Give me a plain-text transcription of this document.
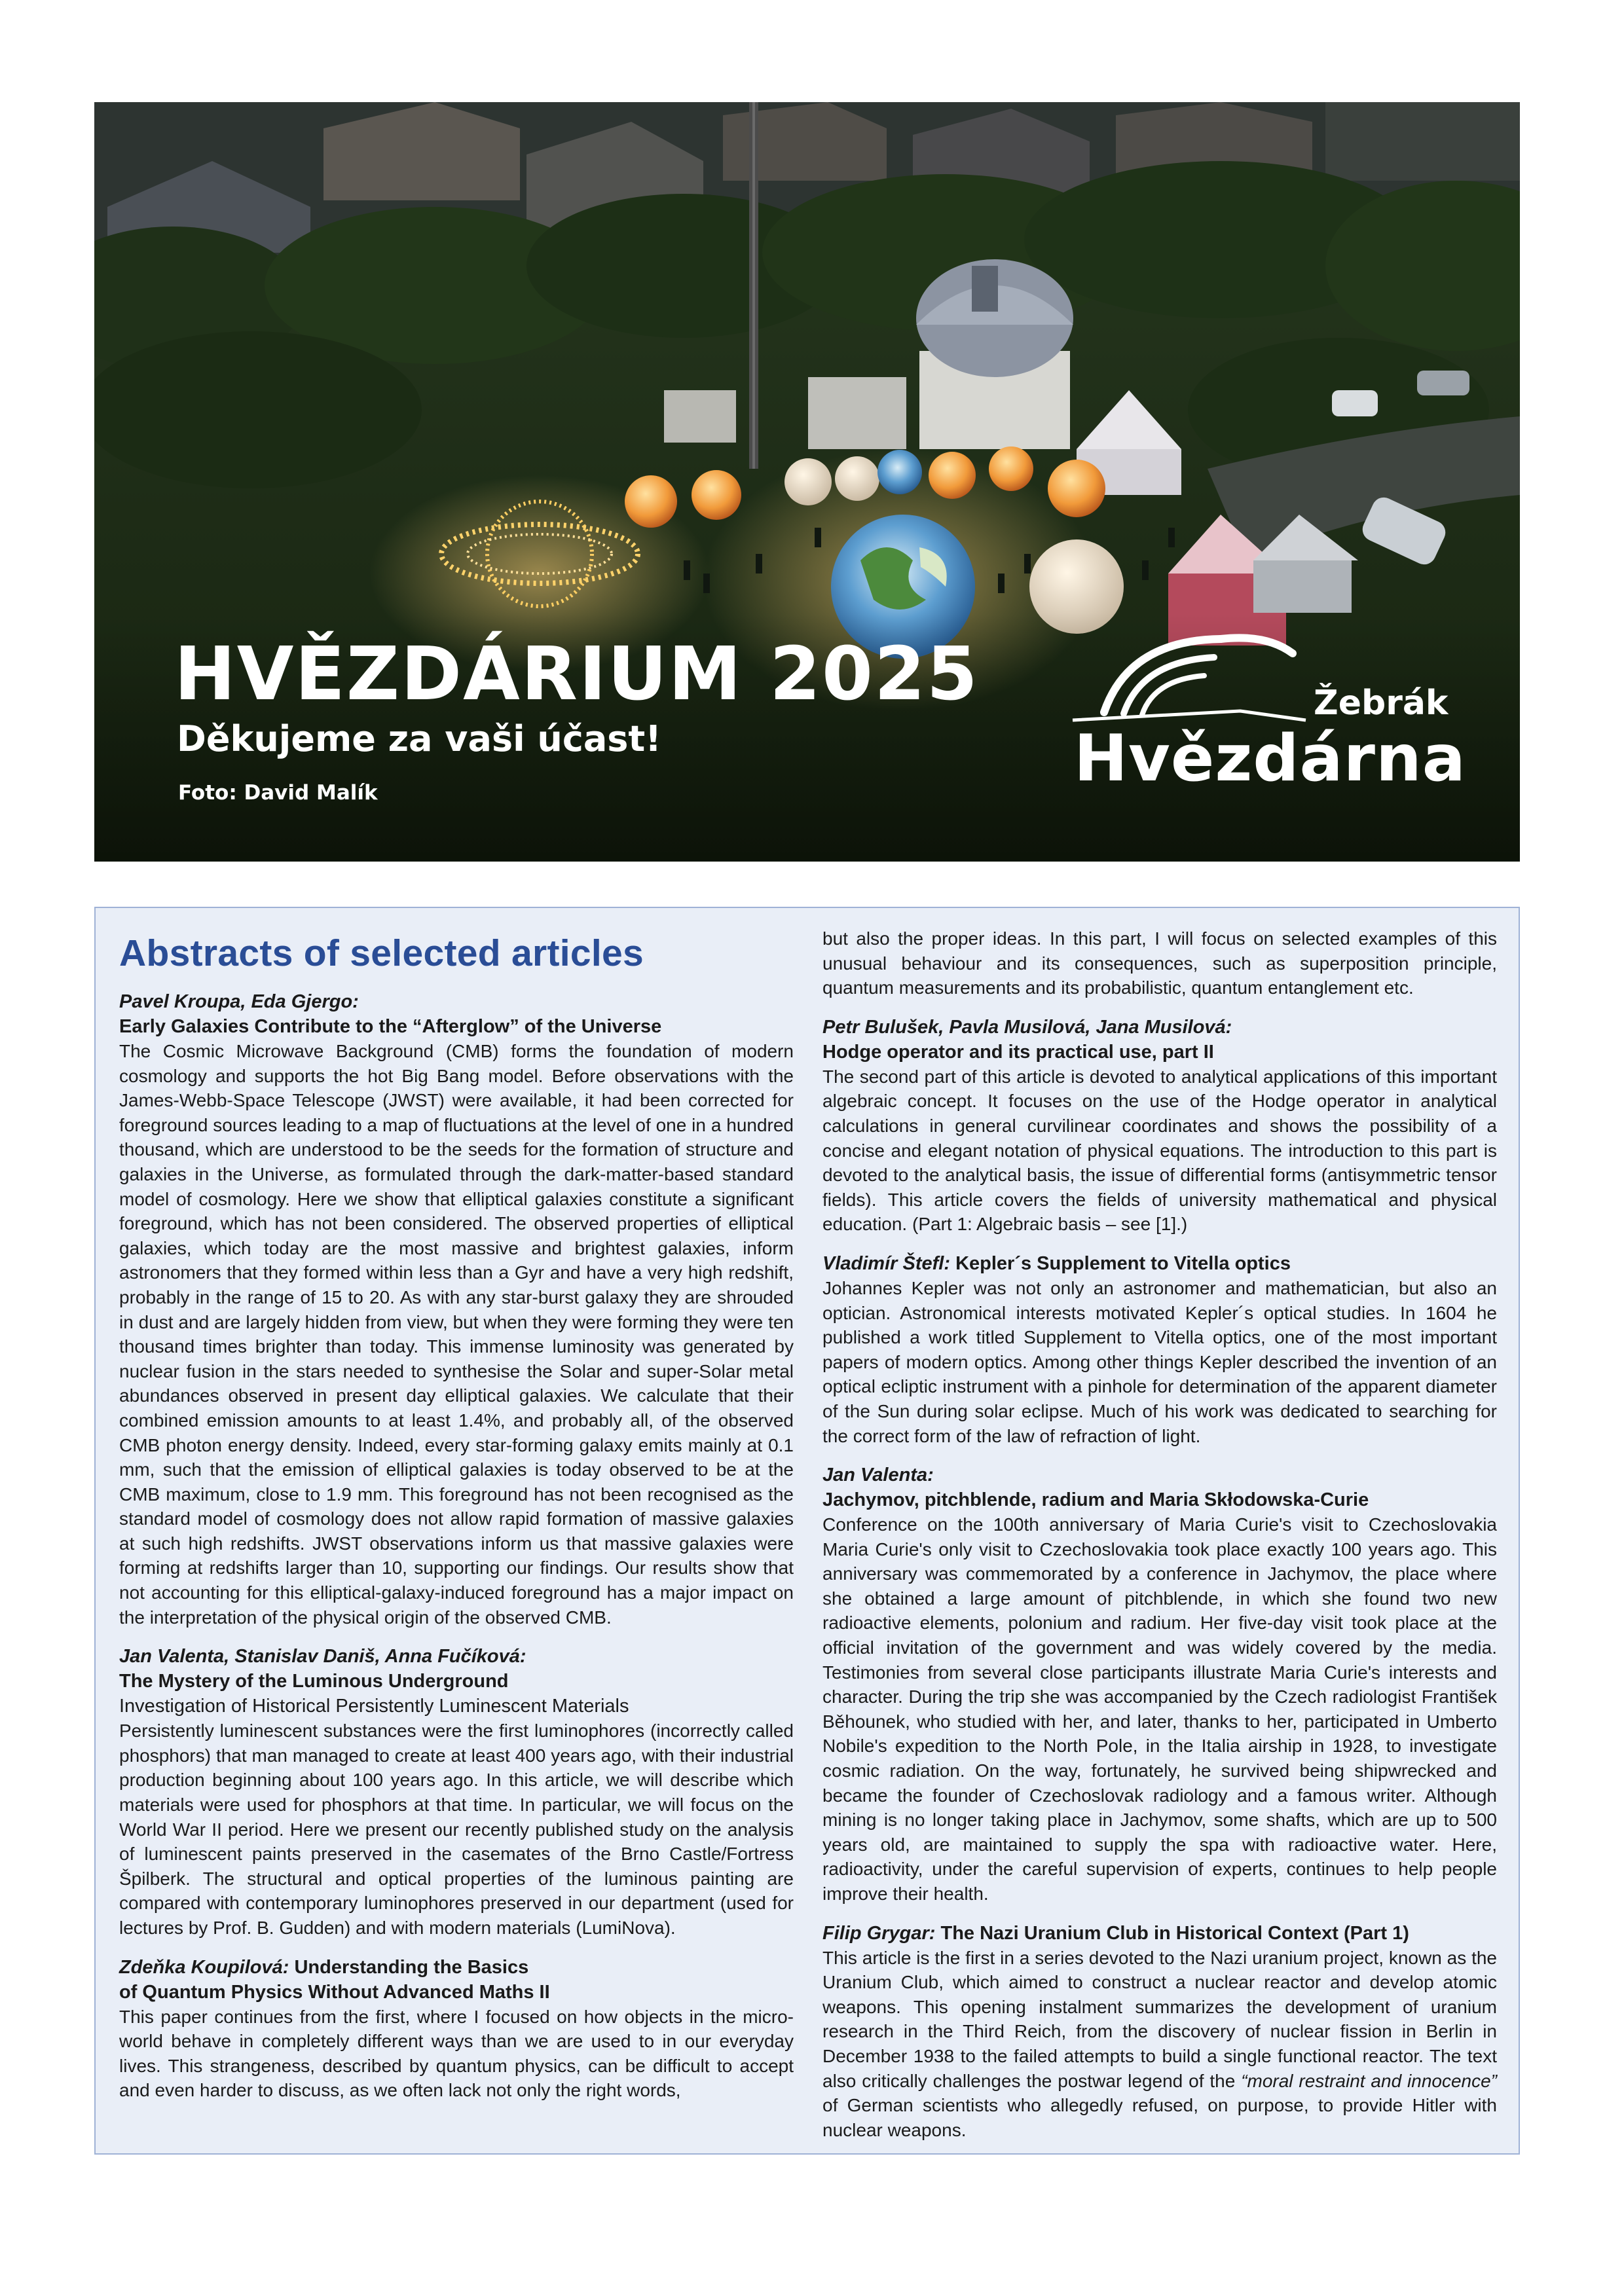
HVĚZDÁRIUM 2025

Děkujeme za vaši účast!

Foto: David Malík

Žebrák

Hvězdárna

Abstracts of selected articles

Pavel Kroupa, Eda Gjergo:

Early Galaxies Contribute to the “Afterglow” of the Universe

The Cosmic Microwave Background (CMB) forms the foundation of modern cosmology and supports the hot Big Bang model. Before observations with the James-Webb-Space Telescope (JWST) were available, it had been corrected for foreground sources leading to a map of fluctuations at the level of one in a hundred thousand, which are understood to be the seeds for the formation of structure and galaxies in the Universe, as formulated through the dark-matter-based standard model of cosmology. Here we show that elliptical galaxies constitute a significant foreground, which has not been considered. The observed properties of elliptical galaxies, which today are the most massive and brightest galaxies, inform astronomers that they formed within less than a Gyr and have a very high redshift, probably in the range of 15 to 20. As with any star-burst galaxy they are shrouded in dust and are largely hidden from view, but when they were forming they were ten thousand times brighter than today. This immense luminosity was generated by nuclear fusion in the stars needed to synthesise the Solar and super-Solar metal abundances observed in present day elliptical galaxies. We calculate that their combined emission amounts to at least 1.4%, and probably all, of the observed CMB photon energy density. Indeed, every star-forming galaxy emits mainly at 0.1 mm, such that the emission of elliptical galaxies is today observed to be at the CMB maximum, close to 1.9 mm. This foreground has not been recognised as the standard model of cosmology does not allow rapid formation of massive galaxies at such high redshifts. JWST observations inform us that massive galaxies were forming at redshifts larger than 10, supporting our findings. Our results show that not accounting for this elliptical-galaxy-induced foreground has a major impact on the interpretation of the physical origin of the observed CMB.

Jan Valenta, Stanislav Daniš, Anna Fučíková:

The Mystery of the Luminous Underground

Investigation of Historical Persistently Luminescent Materials

Persistently luminescent substances were the first luminophores (incorrectly called phosphors) that man managed to create at least 400 years ago, with their industrial production beginning about 100 years ago. In this article, we will describe which materials were used for phosphors at that time. In particular, we will focus on the World War II period. Here we present our recently published study on the analysis of luminescent paints preserved in the casemates of the Brno Castle/Fortress Špilberk. The structural and optical properties of the luminous painting are compared with contemporary luminophores preserved in our department (used for lectures by Prof. B. Gudden) and with modern materials (LumiNova).

Zdeňka Koupilová: Understanding the Basics

of Quantum Physics Without Advanced Maths II

This paper continues from the first, where I focused on how objects in the micro-world behave in completely different ways than we are used to in our everyday lives. This strangeness, described by quantum physics, can be difficult to accept and even harder to discuss, as we often lack not only the right words,

but also the proper ideas. In this part, I will focus on selected examples of this unusual behaviour and its consequences, such as superposition principle, quantum measurements and its probabilistic, quantum entanglement etc.

Petr Bulušek, Pavla Musilová, Jana Musilová:

Hodge operator and its practical use, part II

The second part of this article is devoted to analytical applications of this important algebraic concept. It focuses on the use of the Hodge operator in analytical calculations in general curvilinear coordinates and shows the possibility of a concise and elegant notation of physical equations. The introduction to this part is devoted to the analytical basis, the issue of differential forms (antisymmetric tensor fields). This article covers the fields of university mathematical and physical education. (Part 1: Algebraic basis – see [1].)

Vladimír Štefl: Kepler´s Supplement to Vitella optics

Johannes Kepler was not only an astronomer and mathematician, but also an optician. Astronomical interests motivated Kepler´s optical studies. In 1604 he published a work titled Supplement to Vitella optics, one of the most important papers of modern optics. Among other things Kepler described the invention of an optical ecliptic instrument with a pinhole for determination of the apparent diameter of the Sun during solar eclipse. Much of his work was dedicated to searching for the correct form of the law of refraction of light.

Jan Valenta:

Jachymov, pitchblende, radium and Maria Skłodowska-Curie

Conference on the 100th anniversary of Maria Curie's visit to Czechoslovakia Maria Curie's only visit to Czechoslovakia took place exactly 100 years ago. This anniversary was commemorated by a conference in Jachymov, the place where she obtained a large amount of pitchblende, in which she found two new radioactive elements, polonium and radium. Her five-day visit took place at the official invitation of the government and was widely covered by the media. Testimonies from several close participants illustrate Maria Curie's interests and character. During the trip she was accompanied by the Czech radiologist František Běhounek, who studied with her, and later, thanks to her, participated in Umberto Nobile's expedition to the North Pole, in the Italia airship in 1928, to investigate cosmic radiation. On the way, fortunately, he survived being shipwrecked and became the founder of Czechoslovak radiology and a famous writer. Although mining is no longer taking place in Jachymov, some shafts, which are up to 500 years old, are maintained to supply the spa with radioactive water. Here, radioactivity, under the careful supervision of experts, continues to help people improve their health.

Filip Grygar: The Nazi Uranium Club in Historical Context (Part 1)

This article is the first in a series devoted to the Nazi uranium project, known as the Uranium Club, which aimed to construct a nuclear reactor and develop atomic weapons. This opening instalment summarizes the development of uranium research in the Third Reich, from the discovery of nuclear fission in Berlin in December 1938 to the failed attempts to build a single functional reactor. The text also critically challenges the postwar legend of the “moral restraint and innocence” of German scientists who allegedly refused, on purpose, to provide Hitler with nuclear weapons.
